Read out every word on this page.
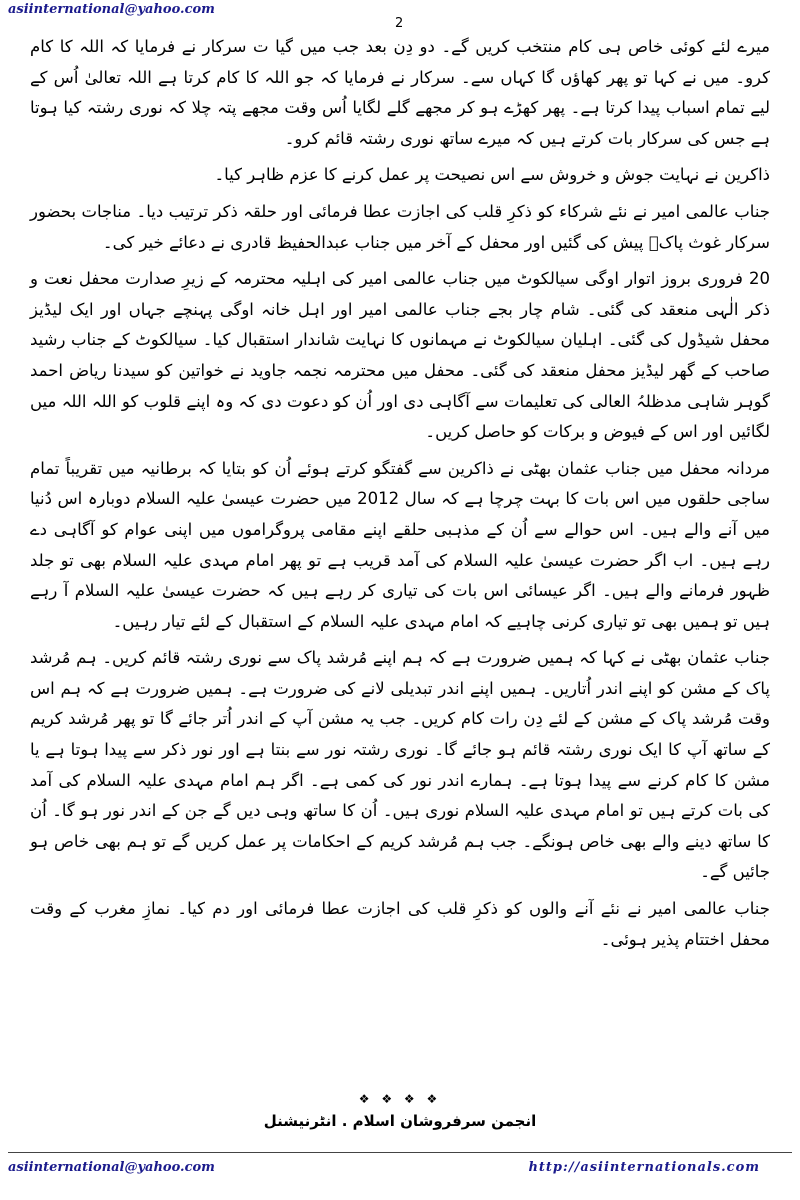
asiinternational@yahoo.com
2

میرے لئے کوئی خاص ہی کام منتخب کریں گے۔ دو دِن بعد جب میں گیا ت سرکار نے فرمایا کہ اللہ کا کام کرو۔ میں نے کہا تو پھر کھاؤں گا کہاں سے۔ سرکار نے فرمایا کہ جو اللہ کا کام کرتا ہے اللہ تعالیٰ اُس کے لیے تمام اسباب پیدا کرتا ہے۔ پھر کھڑے ہو کر مجھے گلے لگایا اُس وقت مجھے پتہ چلا کہ نوری رشتہ کیا ہوتا ہے جس کی سرکار بات کرتے ہیں کہ میرے ساتھ نوری رشتہ قائم کرو۔

ذاکرین نے نہایت جوش و خروش سے اس نصیحت پر عمل کرنے کا عزم ظاہر کیا۔

جناب عالمی امیر نے نئے شرکاء کو ذکرِ قلب کی اجازت عطا فرمائی اور حلقہ ذکر ترتیب دیا۔ مناجات بحضور سرکار غوث پاکؒ پیش کی گئیں اور محفل کے آخر میں جناب عبدالحفیظ قادری نے دعائے خیر کی۔

20 فروری بروز اتوار اوگی سیالکوٹ میں جناب عالمی امیر کی اہلیہ محترمہ کے زیرِ صدارت محفل نعت و ذکر الٰہی منعقد کی گئی۔ شام چار بجے جناب عالمی امیر اور اہل خانہ اوگی پہنچے جہاں اور ایک لیڈیز محفل شیڈول کی گئی۔ اہلیان سیالکوٹ نے مہمانوں کا نہایت شاندار استقبال کیا۔ سیالکوٹ کے جناب رشید صاحب کے گھر لیڈیز محفل منعقد کی گئی۔ محفل میں محترمہ نجمہ جاوید نے خواتین کو سیدنا ریاض احمد گوہر شاہی مدظلہُ العالی کی تعلیمات سے آگاہی دی اور اُن کو دعوت دی کہ وہ اپنے قلوب کو اللہ اللہ میں لگائیں اور اس کے فیوض و برکات کو حاصل کریں۔

مردانہ محفل میں جناب عثمان بھٹی نے ذاکرین سے گفتگو کرتے ہوئے اُن کو بتایا کہ برطانیہ میں تقریباً تمام ساجی حلقوں میں اس بات کا بہت چرچا ہے کہ سال 2012 میں حضرت عیسیٰ علیہ السلام دوبارہ اس دُنیا میں آنے والے ہیں۔ اس حوالے سے اُن کے مذہبی حلقے اپنے مقامی پروگراموں میں اپنی عوام کو آگاہی دے رہے ہیں۔ اب اگر حضرت عیسیٰ علیہ السلام کی آمد قریب ہے تو پھر امام مہدی علیہ السلام بھی تو جلد ظہور فرمانے والے ہیں۔ اگر عیسائی اس بات کی تیاری کر رہے ہیں کہ حضرت عیسیٰ علیہ السلام آ رہے ہیں تو ہمیں بھی تو تیاری کرنی چاہیے کہ امام مہدی علیہ السلام کے استقبال کے لئے تیار رہیں۔

جناب عثمان بھٹی نے کہا کہ ہمیں ضرورت ہے کہ ہم اپنے مُرشد پاک سے نوری رشتہ قائم کریں۔ ہم مُرشد پاک کے مشن کو اپنے اندر اُتاریں۔ ہمیں اپنے اندر تبدیلی لانے کی ضرورت ہے۔ ہمیں ضرورت ہے کہ ہم اس وقت مُرشد پاک کے مشن کے لئے دِن رات کام کریں۔ جب یہ مشن آپ کے اندر اُتر جائے گا تو پھر مُرشد کریم کے ساتھ آپ کا ایک نوری رشتہ قائم ہو جائے گا۔ نوری رشتہ نور سے بنتا ہے اور نور ذکر سے پیدا ہوتا ہے یا مشن کا کام کرنے سے پیدا ہوتا ہے۔ ہمارے اندر نور کی کمی ہے۔ اگر ہم امام مہدی علیہ السلام کی آمد کی بات کرتے ہیں تو امام مہدی علیہ السلام نوری ہیں۔ اُن کا ساتھ وہی دیں گے جن کے اندر نور ہو گا۔ اُن کا ساتھ دینے والے بھی خاص ہونگے۔ جب ہم مُرشد کریم کے احکامات پر عمل کریں گے تو ہم بھی خاص ہو جائیں گے۔

جناب عالمی امیر نے نئے آنے والوں کو ذکرِ قلب کی اجازت عطا فرمائی اور دم کیا۔ نمازِ مغرب کے وقت محفل اختتام پذیر ہوئی۔

❖ ❖ ❖ ❖
انجمن سرفروشان اسلام . انٹرنیشنل
asiinternational@yahoo.com	http://asiinternationals.com
